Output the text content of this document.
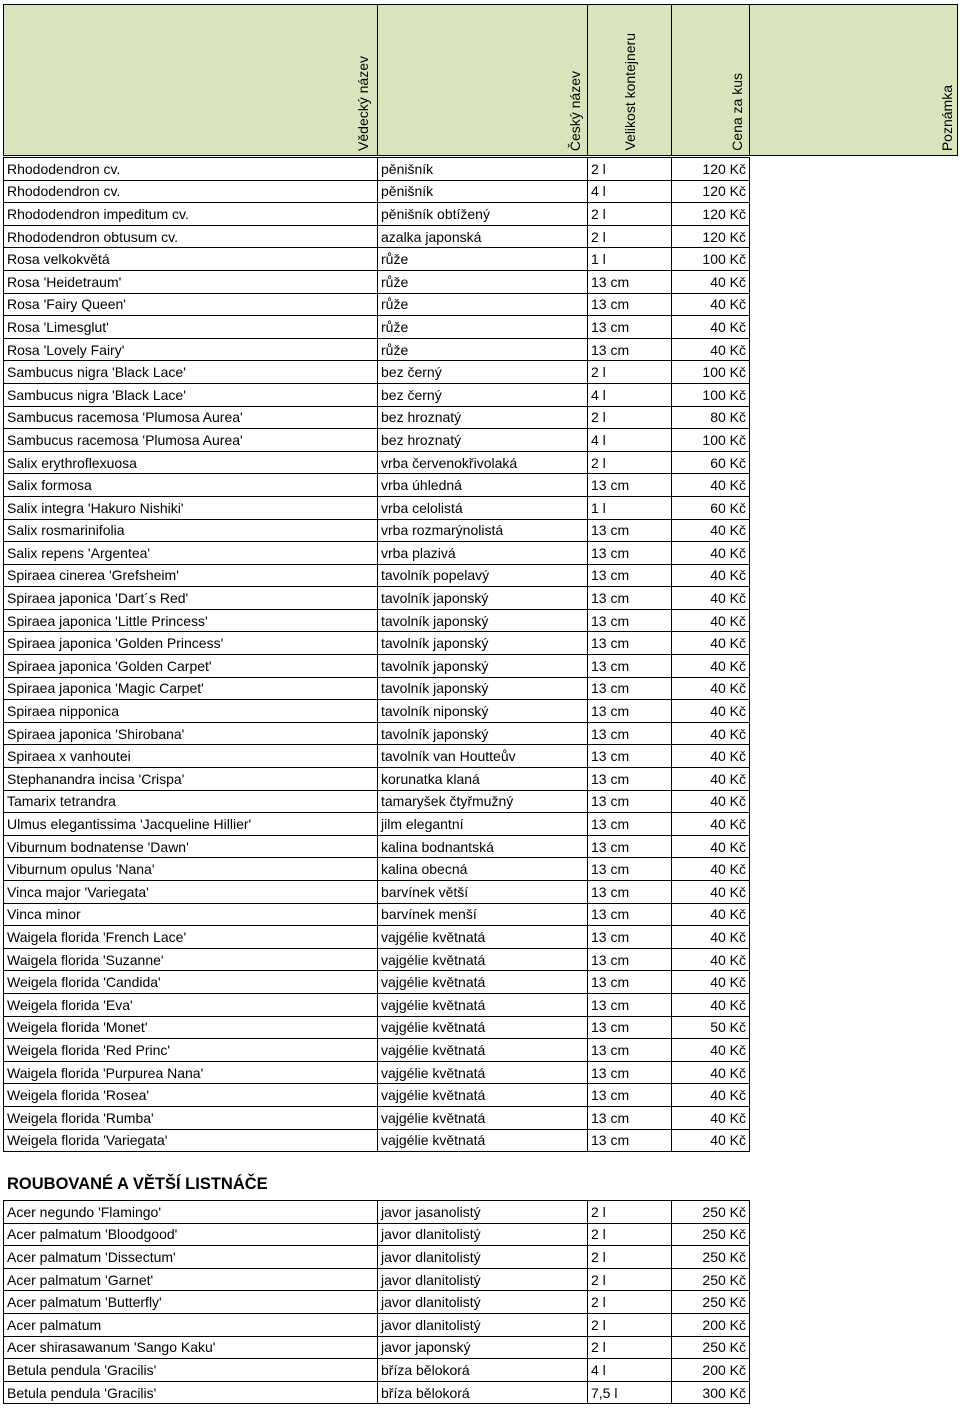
Vědecký název	Český název	Velikost kontejneru	Cena za kus	Poznámka
Rhododendron cv.	pěnišník	2 l	120 Kč	
Rhododendron cv.	pěnišník	4 l	120 Kč	
Rhododendron impeditum cv.	pěnišník obtížený	2 l	120 Kč	
Rhododendron obtusum cv.	azalka japonská	2 l	120 Kč	
Rosa velkokvětá	růže	1 l	100 Kč	
Rosa 'Heidetraum'	růže	13 cm	40 Kč	
Rosa 'Fairy Queen'	růže	13 cm	40 Kč	
Rosa 'Limesglut'	růže	13 cm	40 Kč	
Rosa 'Lovely Fairy'	růže	13 cm	40 Kč	
Sambucus nigra 'Black Lace'	bez černý	2 l	100 Kč	
Sambucus nigra 'Black Lace'	bez černý	4 l	100 Kč	
Sambucus racemosa 'Plumosa Aurea'	bez hroznatý	2 l	80 Kč	
Sambucus racemosa 'Plumosa Aurea'	bez hroznatý	4 l	100 Kč	
Salix erythroflexuosa	vrba červenokřivolaká	2 l	60 Kč	
Salix formosa	vrba úhledná	13 cm	40 Kč	
Salix integra 'Hakuro Nishiki'	vrba celolistá	1 l	60 Kč	
Salix rosmarinifolia	vrba rozmarýnolistá	13 cm	40 Kč	
Salix repens 'Argentea'	vrba plazivá	13 cm	40 Kč	
Spiraea cinerea 'Grefsheim'	tavolník popelavý	13 cm	40 Kč	
Spiraea japonica 'Dart´s Red'	tavolník japonský	13 cm	40 Kč	
Spiraea japonica 'Little Princess'	tavolník japonský	13 cm	40 Kč	
Spiraea japonica 'Golden Princess'	tavolník japonský	13 cm	40 Kč	
Spiraea japonica 'Golden Carpet'	tavolník japonský	13 cm	40 Kč	
Spiraea japonica 'Magic Carpet'	tavolník japonský	13 cm	40 Kč	
Spiraea nipponica	tavolník niponský	13 cm	40 Kč	
Spiraea japonica 'Shirobana'	tavolník japonský	13 cm	40 Kč	
Spiraea x vanhoutei	tavolník van Houtteův	13 cm	40 Kč	
Stephanandra incisa 'Crispa'	korunatka klaná	13 cm	40 Kč	
Tamarix tetrandra	tamaryšek čtyřmužný	13 cm	40 Kč	
Ulmus elegantissima 'Jacqueline Hillier'	jilm elegantní	13 cm	40 Kč	
Viburnum bodnatense 'Dawn'	kalina bodnantská	13 cm	40 Kč	
Viburnum opulus 'Nana'	kalina obecná	13 cm	40 Kč	
Vinca major 'Variegata'	barvínek větší	13 cm	40 Kč	
Vinca minor	barvínek menší	13 cm	40 Kč	
Waigela florida 'French Lace'	vajgélie květnatá	13 cm	40 Kč	
Waigela florida 'Suzanne'	vajgélie květnatá	13 cm	40 Kč	
Weigela florida 'Candida'	vajgélie květnatá	13 cm	40 Kč	
Weigela florida 'Eva'	vajgélie květnatá	13 cm	40 Kč	
Weigela florida 'Monet'	vajgélie květnatá	13 cm	50 Kč	
Weigela florida 'Red Princ'	vajgélie květnatá	13 cm	40 Kč	
Waigela florida 'Purpurea Nana'	vajgélie květnatá	13 cm	40 Kč	
Weigela florida 'Rosea'	vajgélie květnatá	13 cm	40 Kč	
Weigela florida 'Rumba'	vajgélie květnatá	13 cm	40 Kč	
Weigela florida 'Variegata'	vajgélie květnatá	13 cm	40 Kč	
ROUBOVANÉ A VĚTŠÍ LISTNÁČE
Acer negundo 'Flamingo'	javor jasanolistý	2 l	250 Kč	
Acer palmatum 'Bloodgood'	javor dlanitolistý	2 l	250 Kč	
Acer palmatum 'Dissectum'	javor dlanitolistý	2 l	250 Kč	
Acer palmatum 'Garnet'	javor dlanitolistý	2 l	250 Kč	
Acer palmatum 'Butterfly'	javor dlanitolistý	2 l	250 Kč	
Acer palmatum	javor dlanitolistý	2 l	200 Kč	
Acer shirasawanum 'Sango Kaku'	javor japonský	2 l	250 Kč	
Betula pendula 'Gracilis'	bříza bělokorá	4 l	200 Kč	
Betula pendula 'Gracilis'	bříza bělokorá	7,5 l	300 Kč	
